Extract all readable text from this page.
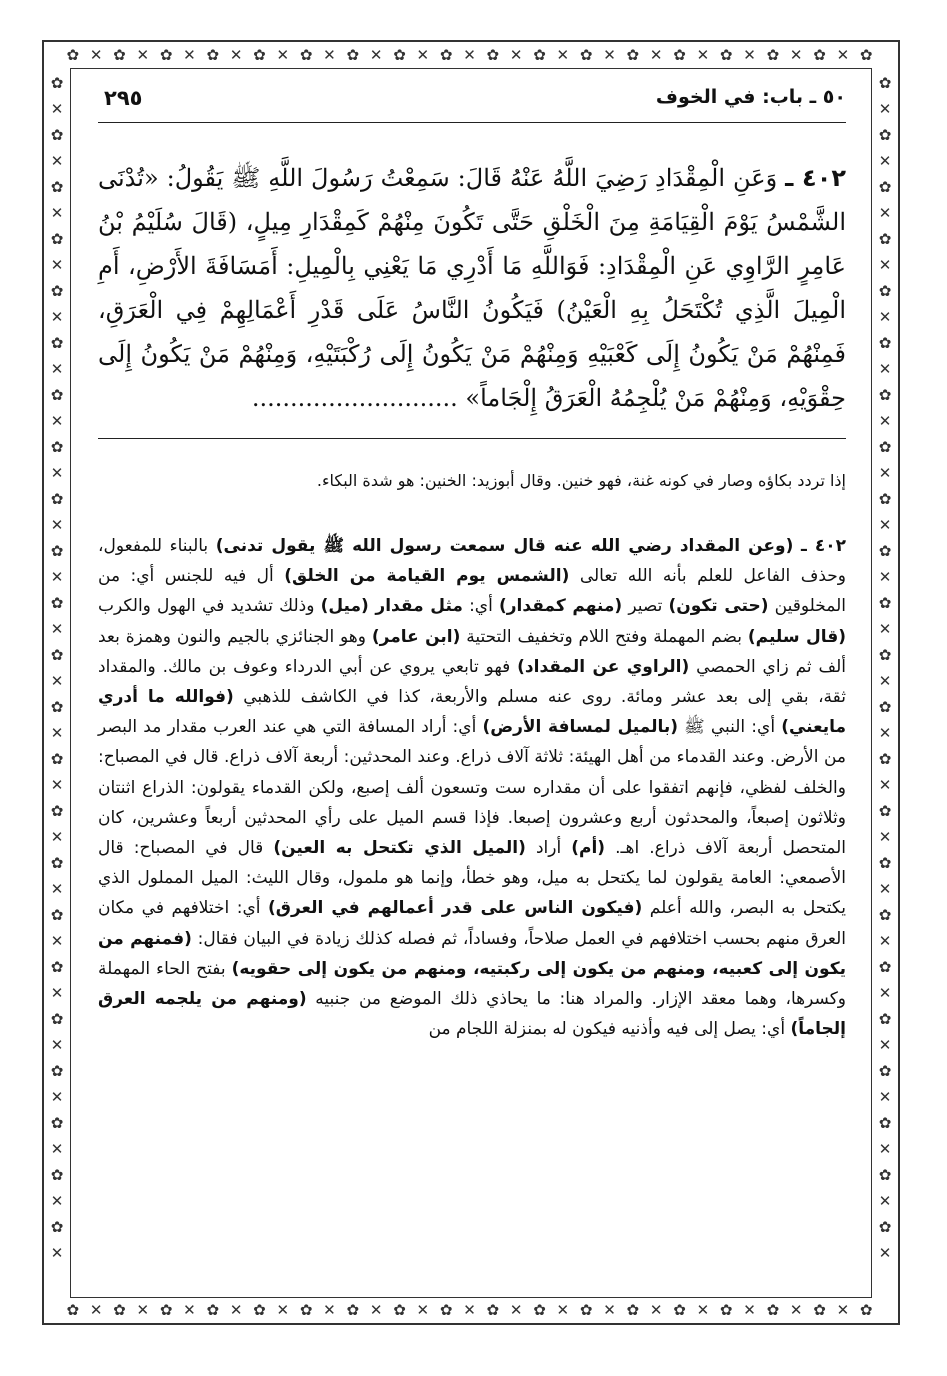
✿ ✕ ✿ ✕ ✿ ✕ ✿ ✕ ✿ ✕ ✿ ✕ ✿ ✕ ✿ ✕ ✿ ✕ ✿ ✕ ✿ ✕ ✿ ✕ ✿ ✕ ✿ ✕ ✿ ✕ ✿ ✕ ✿ ✕ ✿
✿ ✕ ✿ ✕ ✿ ✕ ✿ ✕ ✿ ✕ ✿ ✕ ✿ ✕ ✿ ✕ ✿ ✕ ✿ ✕ ✿ ✕ ✿ ✕ ✿ ✕ ✿ ✕ ✿ ✕ ✿ ✕ ✿ ✕ ✿
✿✕✿✕✿✕✿✕✿✕✿✕✿✕✿✕✿✕✿✕✿✕✿✕✿✕✿✕✿✕✿✕✿✕✿✕✿✕✿✕✿✕✿✕✿✕
✿✕✿✕✿✕✿✕✿✕✿✕✿✕✿✕✿✕✿✕✿✕✿✕✿✕✿✕✿✕✿✕✿✕✿✕✿✕✿✕✿✕✿✕✿✕
٥٠ ـ باب: في الخوف
٢٩٥
٤٠٢ ـ وَعَنِ الْمِقْدَادِ رَضِيَ اللَّهُ عَنْهُ قَالَ: سَمِعْتُ رَسُولَ اللَّهِ ﷺ يَقُولُ: «تُدْنَى الشَّمْسُ يَوْمَ الْقِيَامَةِ مِنَ الْخَلْقِ حَتَّى تَكُونَ مِنْهُمْ كَمِقْدَارِ مِيلٍ، (قَالَ سُلَيْمُ بْنُ عَامِرٍ الرَّاوِي عَنِ الْمِقْدَادِ: فَوَاللَّهِ مَا أَدْرِي مَا يَعْنِي بِالْمِيلِ: أَمَسَافَةَ الأَرْضِ، أَمِ الْمِيلَ الَّذِي تُكْتَحَلُ بِهِ الْعَيْنُ) فَيَكُونُ النَّاسُ عَلَى قَدْرِ أَعْمَالِهِمْ فِي الْعَرَقِ، فَمِنْهُمْ مَنْ يَكُونُ إِلَى كَعْبَيْهِ وَمِنْهُمْ مَنْ يَكُونُ إِلَى رُكْبَتَيْهِ، وَمِنْهُمْ مَنْ يَكُونُ إِلَى حِقْوَيْهِ، وَمِنْهُمْ مَنْ يُلْجِمُهُ الْعَرَقُ إِلْجَاماً» ...........................
إذا تردد بكاؤه وصار في كونه غنة، فهو خنين. وقال أبوزيد: الخنين: هو شدة البكاء.
٤٠٢ ـ (وعن المقداد رضي الله عنه قال سمعت رسول الله ﷺ يقول تدنى) بالبناء للمفعول، وحذف الفاعل للعلم بأنه الله تعالى (الشمس يوم القيامة من الخلق) أل فيه للجنس أي: من المخلوقين (حتى تكون) تصير (منهم كمقدار) أي: مثل مقدار (ميل) وذلك تشديد في الهول والكرب (قال سليم) بضم المهملة وفتح اللام وتخفيف التحتية (ابن عامر) وهو الجنائزي بالجيم والنون وهمزة بعد ألف ثم زاي الحمصي (الراوي عن المقداد) فهو تابعي يروي عن أبي الدرداء وعوف بن مالك. والمقداد ثقة، بقي إلى بعد عشر ومائة. روى عنه مسلم والأربعة، كذا في الكاشف للذهبي (فوالله ما أدري مايعني) أي: النبي ﷺ (بالميل لمسافة الأرض) أي: أراد المسافة التي هي عند العرب مقدار مد البصر من الأرض. وعند القدماء من أهل الهيئة: ثلاثة آلاف ذراع. وعند المحدثين: أربعة آلاف ذراع. قال في المصباح: والخلف لفظي، فإنهم اتفقوا على أن مقداره ست وتسعون ألف إصبع، ولكن القدماء يقولون: الذراع اثنتان وثلاثون إصبعاً، والمحدثون أربع وعشرون إصبعا. فإذا قسم الميل على رأي المحدثين أربعاً وعشرين، كان المتحصل أربعة آلاف ذراع. اهـ. (أم) أراد (الميل الذي تكتحل به العين) قال في المصباح: قال الأصمعي: العامة يقولون لما يكتحل به ميل، وهو خطأ، وإنما هو ملمول، وقال الليث: الميل المملول الذي يكتحل به البصر، والله أعلم (فيكون الناس على قدر أعمالهم في العرق) أي: اختلافهم في مكان العرق منهم بحسب اختلافهم في العمل صلاحاً، وفساداً، ثم فصله كذلك زيادة في البيان فقال: (فمنهم من يكون إلى كعبيه، ومنهم من يكون إلى ركبتيه، ومنهم من يكون إلى حقويه) بفتح الحاء المهملة وكسرها، وهما معقد الإزار. والمراد هنا: ما يحاذي ذلك الموضع من جنبيه (ومنهم من يلجمه العرق إلجاماً) أي: يصل إلى فيه وأذنيه فيكون له بمنزلة اللجام من
